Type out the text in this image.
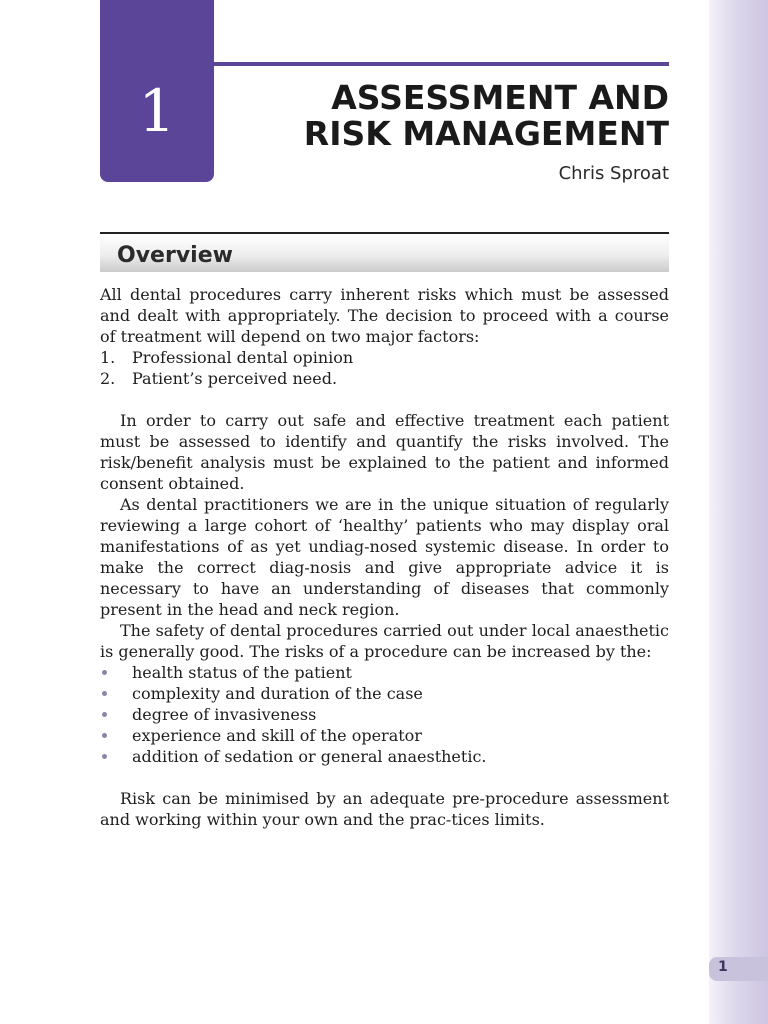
1
1	ASSESSMENT AND
RISK MANAGEMENT
Chris Sproat
Overview

All dental procedures carry inherent risks which must be assessed and dealt with appropriately. The decision to proceed with a course of treatment will depend on two major factors:

1. Professional dental opinion
2. Patient’s perceived need.

In order to carry out safe and effective treatment each patient must be assessed to identify and quantify the risks involved. The risk/benefit analysis must be explained to the patient and informed consent obtained.

As dental practitioners we are in the unique situation of regularly reviewing a large cohort of ‘healthy’ patients who may display oral manifestations of as yet undiag-nosed systemic disease. In order to make the correct diag-nosis and give appropriate advice it is necessary to have an understanding of diseases that commonly present in the head and neck region.

The safety of dental procedures carried out under local anaesthetic is generally good. The risks of a procedure can be increased by the:

health status of the patient
complexity and duration of the case
degree of invasiveness
experience and skill of the operator
addition of sedation or general anaesthetic.

Risk can be minimised by an adequate pre-procedure assessment and working within your own and the prac-tices limits.
